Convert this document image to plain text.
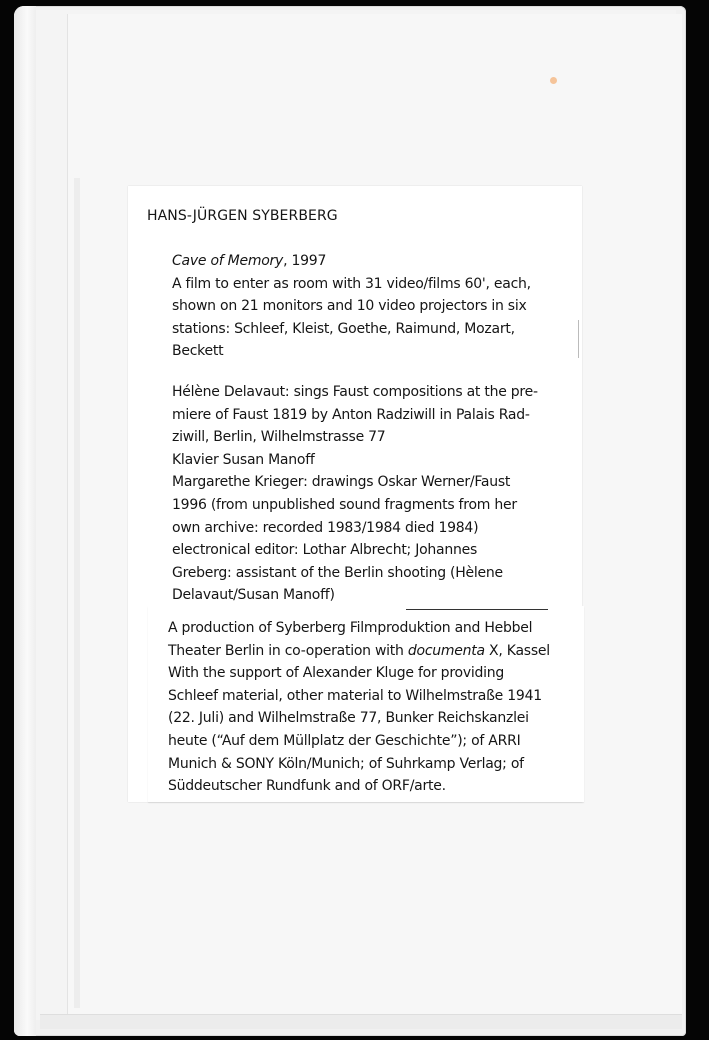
HANS-JÜRGEN SYBERBERG

Cave of Memory, 1997
A film to enter as room with 31 video/films 60', each,
shown on 21 monitors and 10 video projectors in six
stations: Schleef, Kleist, Goethe, Raimund, Mozart,
Beckett

Hélène Delavaut: sings Faust compositions at the pre-
miere of Faust 1819 by Anton Radziwill in Palais Rad-
ziwill, Berlin, Wilhelmstrasse 77
Klavier Susan Manoff
Margarethe Krieger: drawings Oskar Werner/Faust
1996 (from unpublished sound fragments from her
own archive: recorded 1983/1984 died 1984)
electronical editor: Lothar Albrecht; Johannes
Greberg: assistant of the Berlin shooting (Hèlene
Delavaut/Susan Manoff)

A production of Syberberg Filmproduktion and Hebbel
Theater Berlin in co-operation with documenta X, Kassel
With the support of Alexander Kluge for providing
Schleef material, other material to Wilhelmstraße 1941
(22. Juli) and Wilhelmstraße 77, Bunker Reichskanzlei
heute (“Auf dem Müllplatz der Geschichte”); of ARRI
Munich & SONY Köln/Munich; of Suhrkamp Verlag; of
Süddeutscher Rundfunk and of ORF/arte.
